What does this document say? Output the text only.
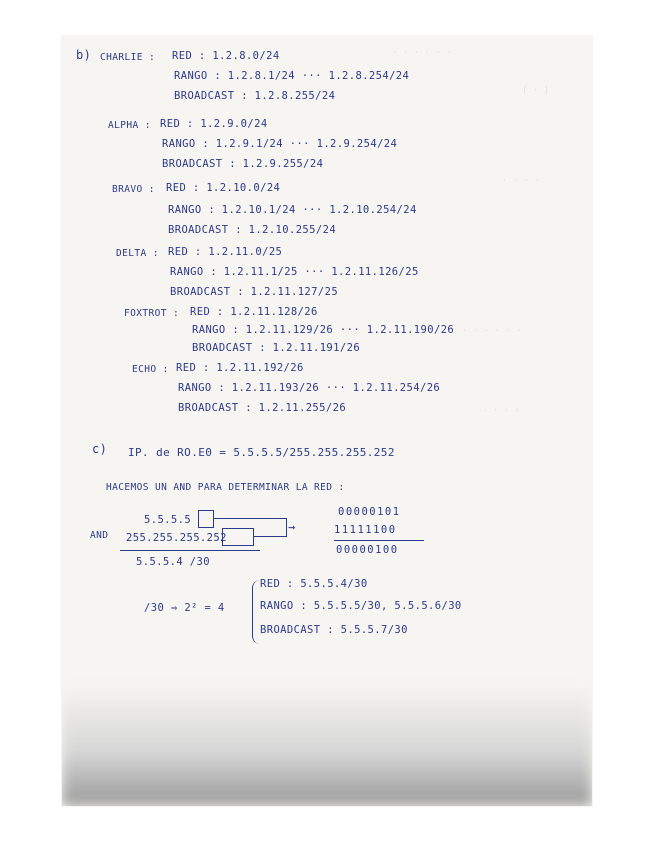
· · · · · ·
( · )
· · · ·
· · · · · ·
· · · ·
b) CHARLIE : RED : 1.2.8.0/24
RANGO : 1.2.8.1/24 ··· 1.2.8.254/24
BROADCAST : 1.2.8.255/24
ALPHA : RED : 1.2.9.0/24
RANGO : 1.2.9.1/24 ··· 1.2.9.254/24
BROADCAST : 1.2.9.255/24
BRAVO : RED : 1.2.10.0/24
RANGO : 1.2.10.1/24 ··· 1.2.10.254/24
BROADCAST : 1.2.10.255/24
DELTA : RED : 1.2.11.0/25
RANGO : 1.2.11.1/25 ··· 1.2.11.126/25
BROADCAST : 1.2.11.127/25
FOXTROT : RED : 1.2.11.128/26
RANGO : 1.2.11.129/26 ··· 1.2.11.190/26
BROADCAST : 1.2.11.191/26
ECHO : RED : 1.2.11.192/26
RANGO : 1.2.11.193/26 ··· 1.2.11.254/26
BROADCAST : 1.2.11.255/26
c) IP. de RO.E0 = 5.5.5.5/255.255.255.252
HACEMOS UN AND PARA DETERMINAR LA RED :
5.5.5.5
AND 255.255.255.252
5.5.5.4 /30
→
00000101
11111100
00000100
/30 ⇒ 2² = 4
RED : 5.5.5.4/30
RANGO : 5.5.5.5/30, 5.5.5.6/30
BROADCAST : 5.5.5.7/30
